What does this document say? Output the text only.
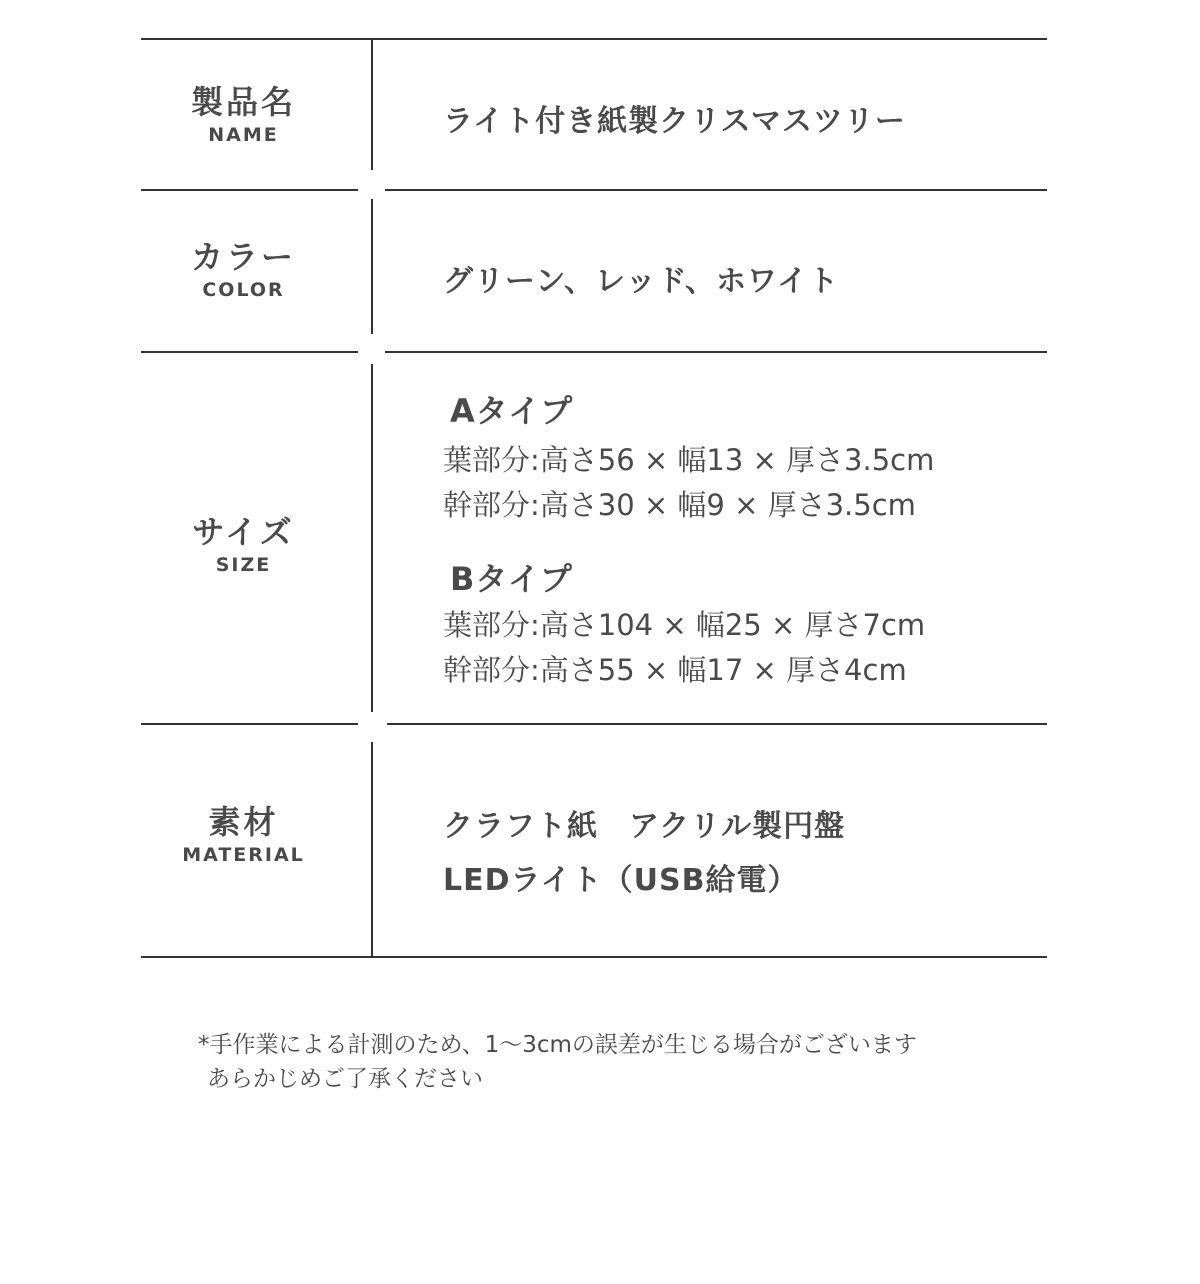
製品名
NAME	ライト付き紙製クリスマスツリー
カラー
COLOR	グリーン、レッド、ホワイト
サイズ
SIZE
Aタイプ
葉部分:高さ56 × 幅13 × 厚さ3.5cm
幹部分:高さ30 × 幅9 × 厚さ3.5cm
Bタイプ
葉部分:高さ104 × 幅25 × 厚さ7cm
幹部分:高さ55 × 幅17 × 厚さ4cm
素材
MATERIAL
クラフト紙　アクリル製円盤
LEDライト（USB給電）
*手作業による計測のため、1〜3cmの誤差が生じる場合がございます
あらかじめご了承ください
